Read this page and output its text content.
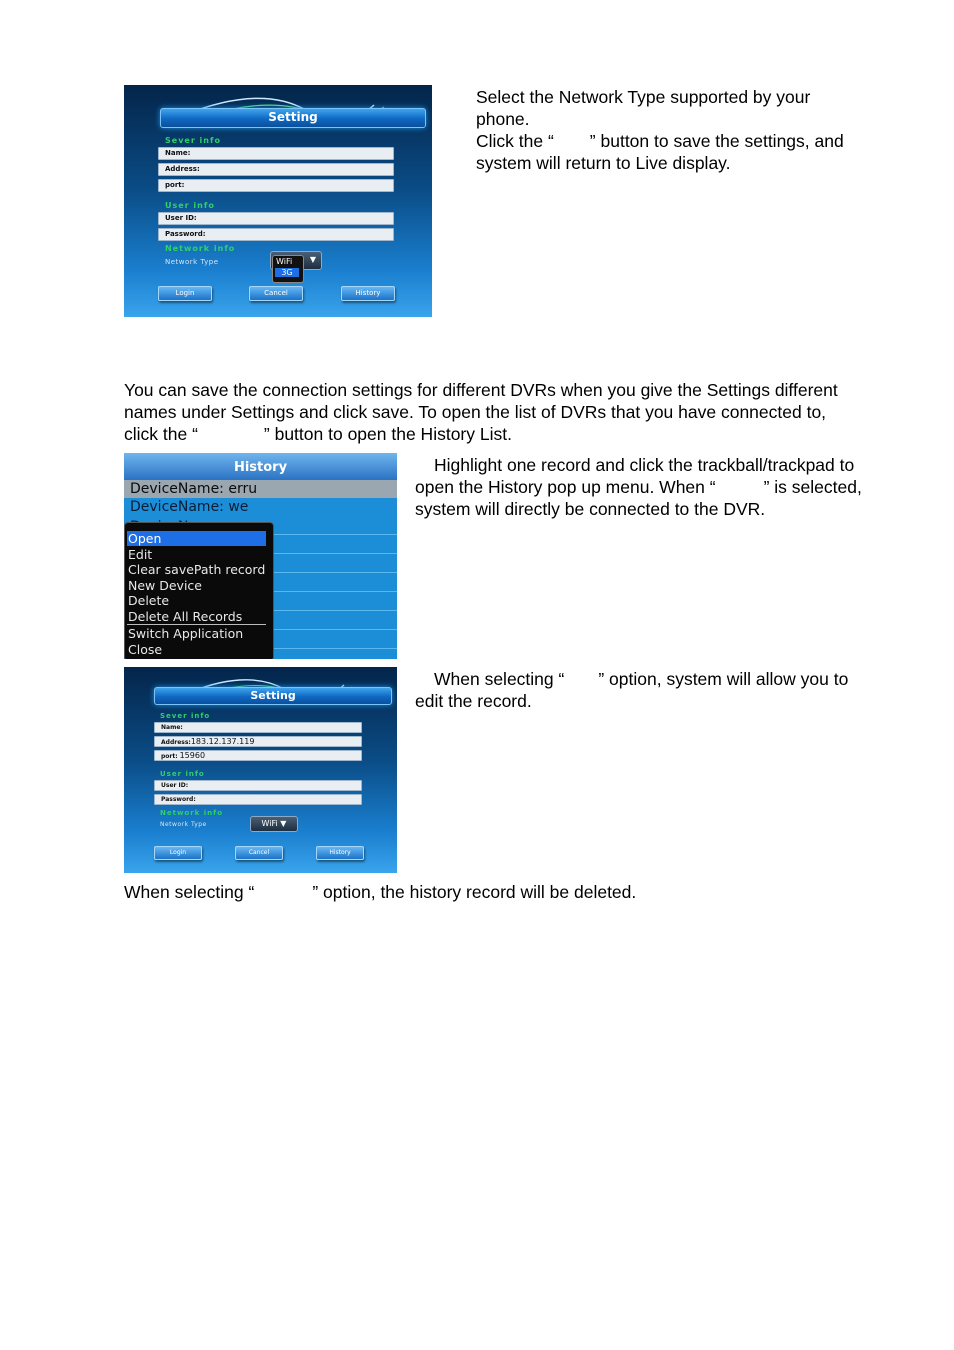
Setting
Sever info
Name:
Address:
port:
User info
User ID:
Password:
Network info
Network Type	▼
WiFi
3G
Login	Cancel	History

Select the Network Type supported by your
phone.
Click the “ ” button to save the settings, and
system will return to Live display.

You can save the connection settings for different DVRs when you give the Settings different
names under Settings and click save. To open the list of DVRs that you have connected to,
click the “	” button to open the History List.

History
DeviceName: erru
DeviceName: we
Open
Edit
Clear savePath record
New Device
Delete
Delete All Records
Switch Application
Close

Highlight one record and click the trackball/trackpad to
open the History pop up menu. When “	” is selected,
system will directly be connected to the DVR.

Setting
Sever info
Name:
Address:183.12.137.119
port: 15960
User info
User ID:
Password:
Network info
Network Type	WiFi ▼
Login	Cancel	History

When selecting “ ” option, system will allow you to
edit the record.

When selecting “	” option, the history record will be deleted.
